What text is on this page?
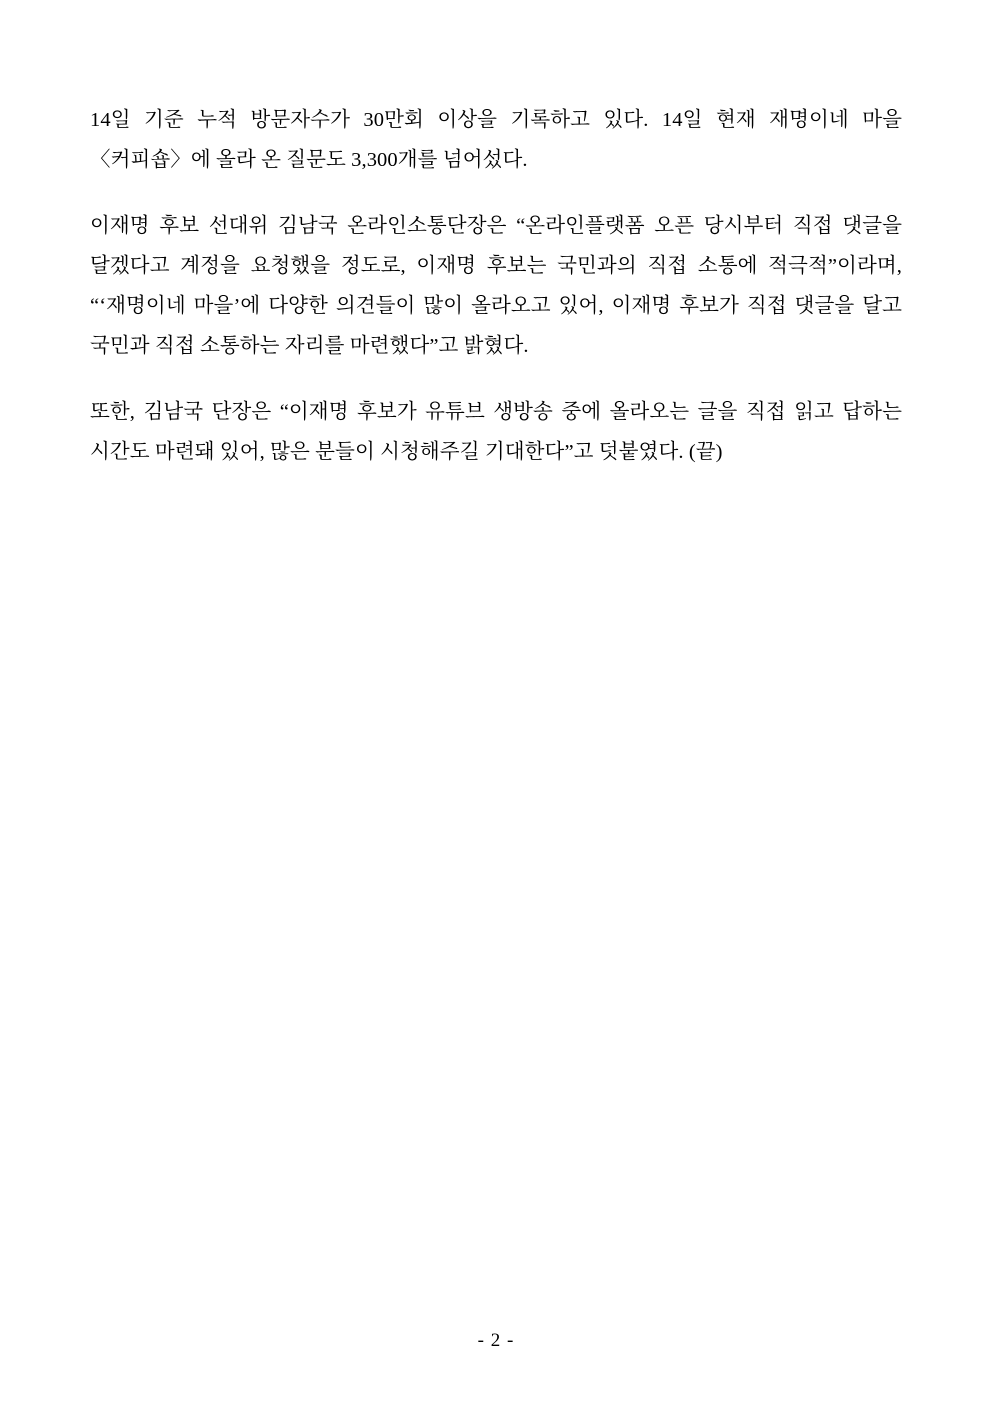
14일 기준 누적 방문자수가 30만회 이상을 기록하고 있다. 14일 현재 재명이네 마을 〈커피숍〉에 올라 온 질문도 3,300개를 넘어섰다.

이재명 후보 선대위 김남국 온라인소통단장은 “온라인플랫폼 오픈 당시부터 직접 댓글을 달겠다고 계정을 요청했을 정도로, 이재명 후보는 국민과의 직접 소통에 적극적”이라며, “‘재명이네 마을’에 다양한 의견들이 많이 올라오고 있어, 이재명 후보가 직접 댓글을 달고 국민과 직접 소통하는 자리를 마련했다”고 밝혔다.

또한, 김남국 단장은 “이재명 후보가 유튜브 생방송 중에 올라오는 글을 직접 읽고 답하는 시간도 마련돼 있어, 많은 분들이 시청해주길 기대한다”고 덧붙였다. (끝)

- 2 -
